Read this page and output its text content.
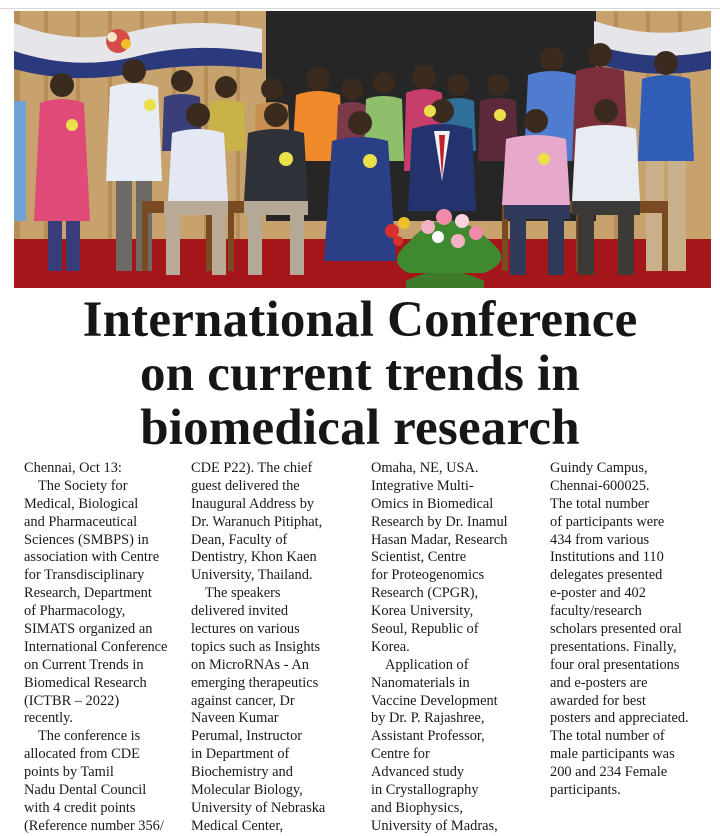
International Conference
on current trends in
biomedical research
Chennai, Oct 13:
The Society for
Medical, Biological
and Pharmaceutical
Sciences (SMBPS) in
association with Centre
for Transdisciplinary
Research, Department
of Pharmacology,
SIMATS organized an
International Conference
on Current Trends in
Biomedical Research
(ICTBR – 2022)
recently.
The conference is
allocated from CDE
points by Tamil
Nadu Dental Council
with 4 credit points
(Reference number 356/
CDE P22). The chief
guest delivered the
Inaugural Address by
Dr. Waranuch Pitiphat,
Dean, Faculty of
Dentistry, Khon Kaen
University, Thailand.
The speakers
delivered invited
lectures on various
topics such as Insights
on MicroRNAs - An
emerging therapeutics
against cancer, Dr
Naveen Kumar
Perumal, Instructor
in Department of
Biochemistry and
Molecular Biology,
University of Nebraska
Medical Center,
Omaha, NE, USA.
Integrative Multi-
Omics in Biomedical
Research by Dr. Inamul
Hasan Madar, Research
Scientist, Centre
for Proteogenomics
Research (CPGR),
Korea University,
Seoul, Republic of
Korea.
Application of
Nanomaterials in
Vaccine Development
by Dr. P. Rajashree,
Assistant Professor,
Centre for
Advanced study
in Crystallography
and Biophysics,
University of Madras,
Guindy Campus,
Chennai-600025.
The total number
of participants were
434 from various
Institutions and 110
delegates presented
e-poster and 402
faculty/research
scholars presented oral
presentations. Finally,
four oral presentations
and e-posters are
awarded for best
posters and appreciated.
The total number of
male participants was
200 and 234 Female
participants.
